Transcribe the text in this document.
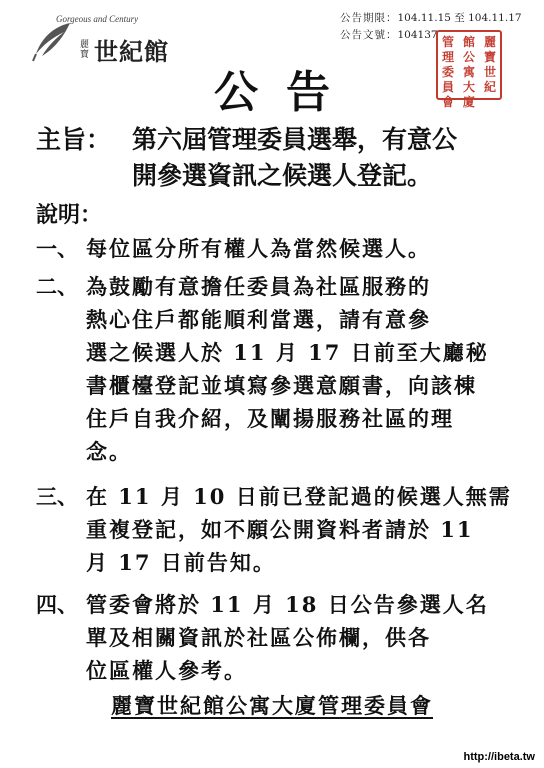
Gorgeous and Century
麗寶 世紀館
公告期限：104.11.15 至 104.11.17
公告文號：104137	麗
寶
世
紀
館
公
寓
大
廈
管
理
委
員
會
公告
主旨： 第六屆管理委員選舉，有意公
開參選資訊之候選人登記。
說明：
一、 每位區分所有權人為當然候選人。
二、 為鼓勵有意擔任委員為社區服務的
熱心住戶都能順利當選，請有意參
選之候選人於 11 月 17 日前至大廳秘
書櫃檯登記並填寫參選意願書，向該棟
住戶自我介紹，及闡揚服務社區的理
念。
三、 在 11 月 10 日前已登記過的候選人無需
重複登記，如不願公開資料者請於 11
月 17 日前告知。
四、 管委會將於 11 月 18 日公告參選人名
單及相關資訊於社區公佈欄，供各
位區權人參考。
麗寶世紀館公寓大廈管理委員會
http://ibeta.tw
